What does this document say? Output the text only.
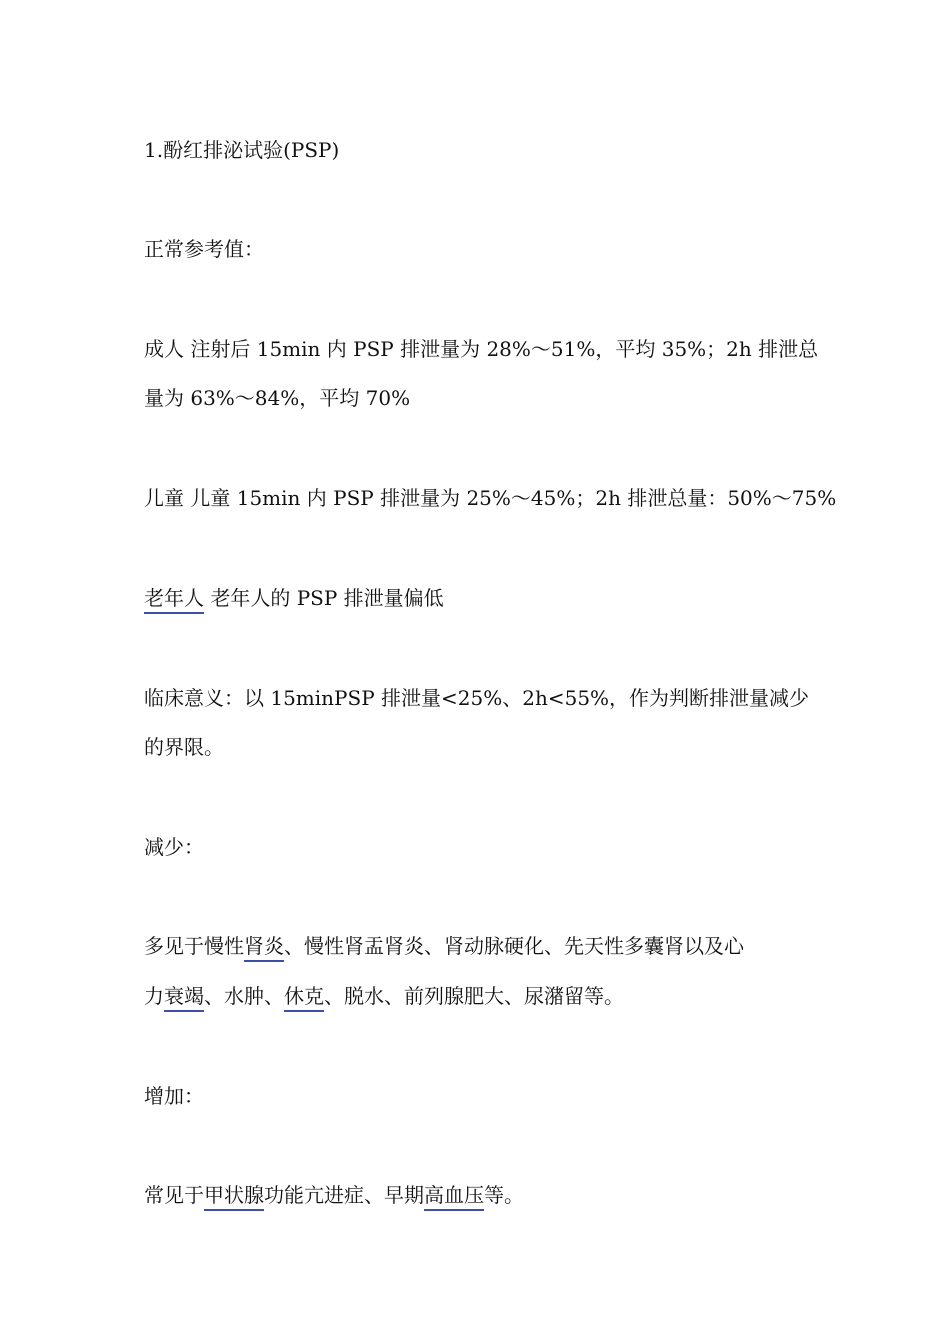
1.酚红排泌试验(PSP)
正常参考值：
成人 注射后 15min 内 PSP 排泄量为 28%～51%，平均 35%；2h 排泄总
量为 63%～84%，平均 70%
儿童 儿童 15min 内 PSP 排泄量为 25%～45%；2h 排泄总量：50%～75%
老年人 老年人的 PSP 排泄量偏低
临床意义：以 15minPSP 排泄量<25%、2h<55%，作为判断排泄量减少
的界限。
减少：
多见于慢性肾炎、慢性肾盂肾炎、肾动脉硬化、先天性多囊肾以及心
力衰竭、水肿、休克、脱水、前列腺肥大、尿潴留等。
增加：
常见于甲状腺功能亢进症、早期高血压等。
